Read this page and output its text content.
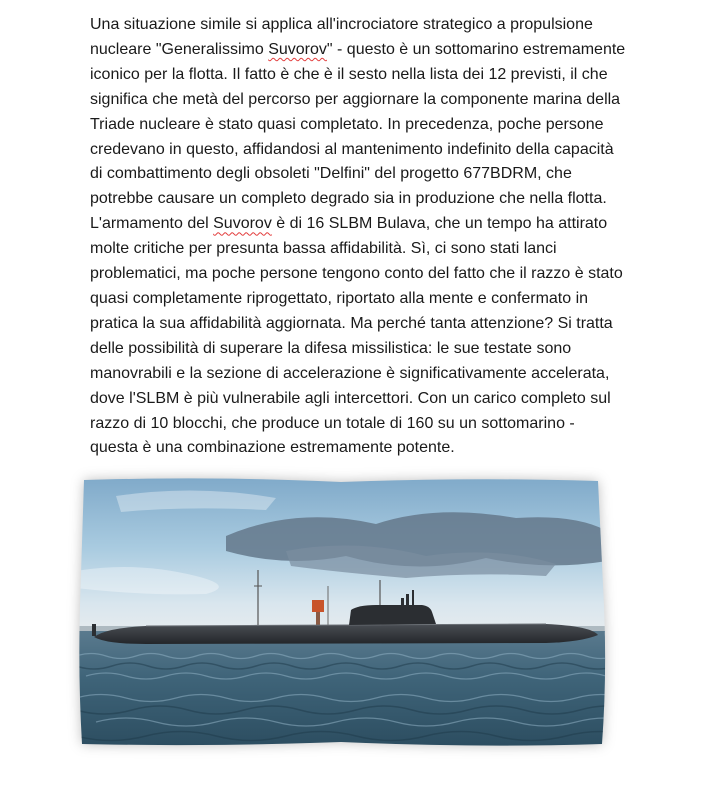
Una situazione simile si applica all'incrociatore strategico a propulsione
nucleare "Generalissimo Suvorov" - questo è un sottomarino estremamente
iconico per la flotta. Il fatto è che è il sesto nella lista dei 12 previsti, il che
significa che metà del percorso per aggiornare la componente marina della
Triade nucleare è stato quasi completato. In precedenza, poche persone
credevano in questo, affidandosi al mantenimento indefinito della capacità
di combattimento degli obsoleti "Delfini" del progetto 677BDRM, che
potrebbe causare un completo degrado sia in produzione che nella flotta.
L'armamento del Suvorov è di 16 SLBM Bulava, che un tempo ha attirato
molte critiche per presunta bassa affidabilità. Sì, ci sono stati lanci
problematici, ma poche persone tengono conto del fatto che il razzo è stato
quasi completamente riprogettato, riportato alla mente e confermato in
pratica la sua affidabilità aggiornata. Ma perché tanta attenzione? Si tratta
delle possibilità di superare la difesa missilistica: le sue testate sono
manovrabili e la sezione di accelerazione è significativamente accelerata,
dove l'SLBM è più vulnerabile agli intercettori. Con un carico completo sul
razzo di 10 blocchi, che produce un totale di 160 su un sottomarino -
questa è una combinazione estremamente potente.
